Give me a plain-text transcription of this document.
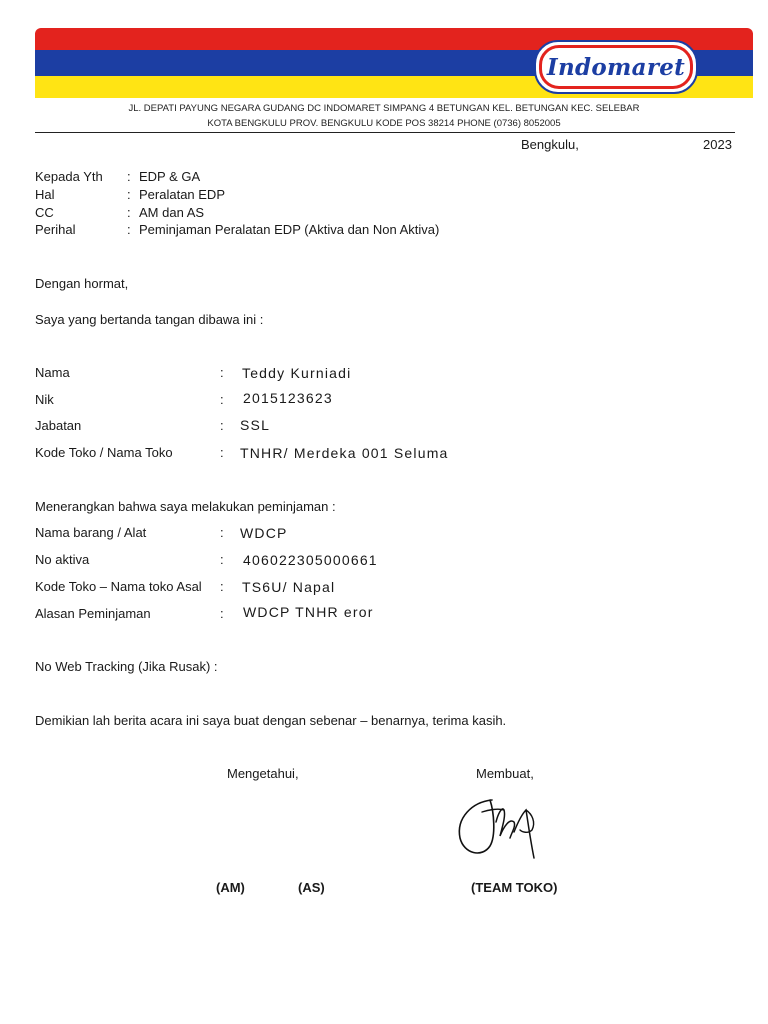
Indomaret
JL. DEPATI PAYUNG NEGARA GUDANG DC INDOMARET SIMPANG 4 BETUNGAN KEL. BETUNGAN KEC. SELEBAR
KOTA BENGKULU PROV. BENGKULU KODE POS 38214 PHONE (0736) 8052005
Bengkulu,	2023
Kepada Yth : EDP & GA
Hal	: Peralatan EDP
CC	: AM dan AS
Perihal	: Peminjaman Peralatan EDP (Aktiva dan Non Aktiva)
Dengan hormat,
Saya yang bertanda tangan dibawa ini :
Nama	: Teddy Kurniadi
Nik	: 2015123623
Jabatan	: SSL
Kode Toko / Nama Toko	: TNHR/ Merdeka 001 Seluma
Menerangkan bahwa saya melakukan peminjaman :
Nama barang / Alat	: WDCP
No aktiva	: 406022305000661
Kode Toko – Nama toko Asal : TS6U/ Napal
Alasan Peminjaman	: WDCP TNHR eror
No Web Tracking (Jika Rusak) :
Demikian lah berita acara ini saya buat dengan sebenar – benarnya, terima kasih.
Mengetahui,	Membuat,
(AM)	(AS)	(TEAM TOKO)
